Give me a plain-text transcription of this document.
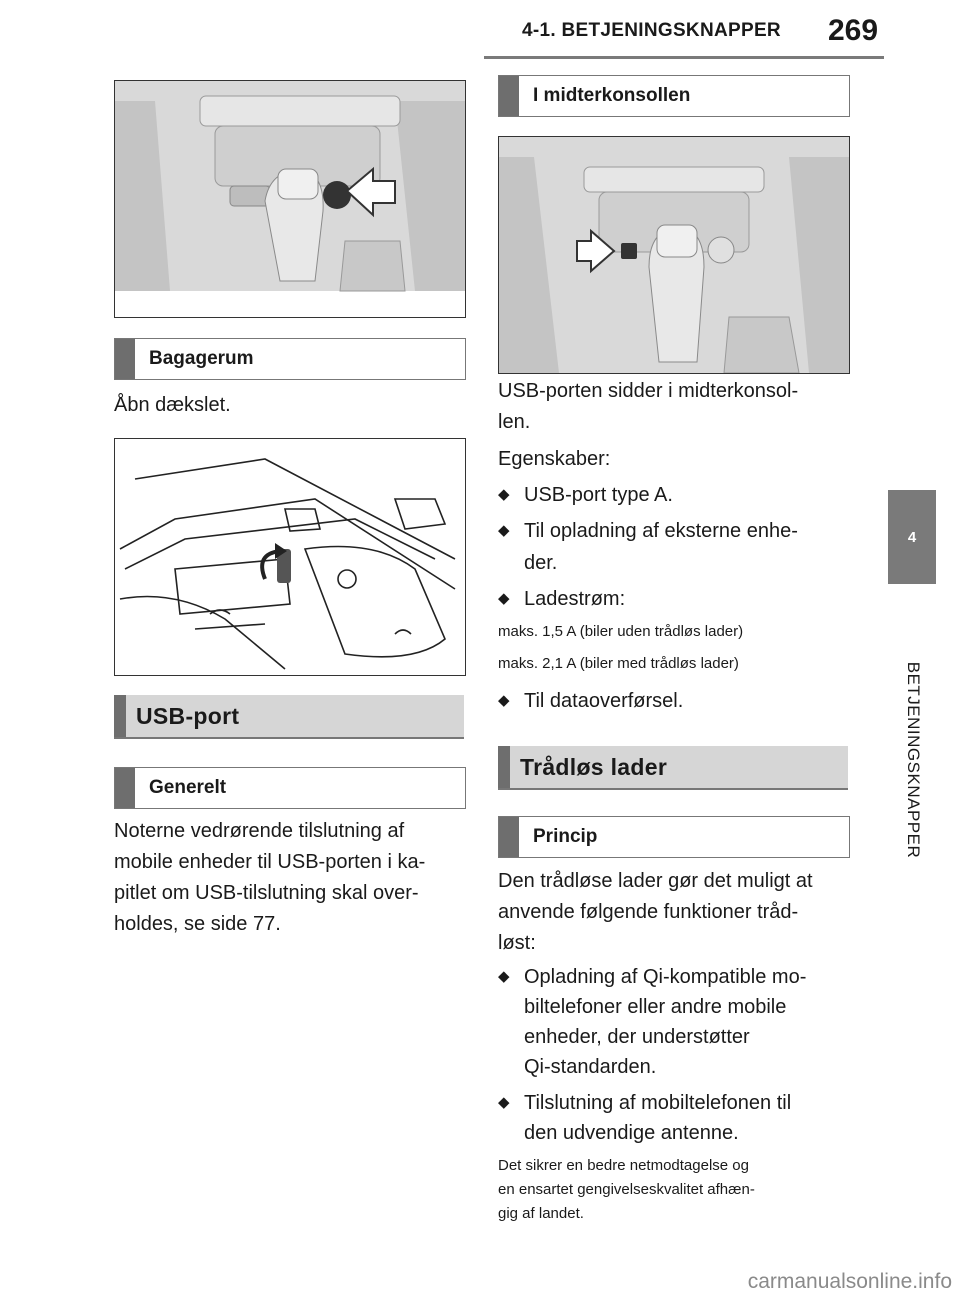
4-1. BETJENINGSKNAPPER 269
4
BETJENINGSKNAPPER
Bagagerum
Åbn dækslet.
USB-port
Generelt
Noterne vedrørende tilslutning af
mobile enheder til USB-porten i ka-
pitlet om USB-tilslutning skal over-
holdes, se side 77.
I midterkonsollen
USB-porten sidder i midterkonsol-
len.
Egenskaber:
◆ USB-port type A.
◆ Til opladning af eksterne enhe-
der.
◆ Ladestrøm:
maks. 1,5 A (biler uden trådløs lader)
maks. 2,1 A (biler med trådløs lader)
◆ Til dataoverførsel.
Trådløs lader
Princip
Den trådløse lader gør det muligt at
anvende følgende funktioner tråd-
løst:
◆ Opladning af Qi-kompatible mo-
biltelefoner eller andre mobile
enheder, der understøtter
Qi-standarden.
◆ Tilslutning af mobiltelefonen til
den udvendige antenne.
Det sikrer en bedre netmodtagelse og
en ensartet gengivelseskvalitet afhæn-
gig af landet.
carmanualsonline.info
